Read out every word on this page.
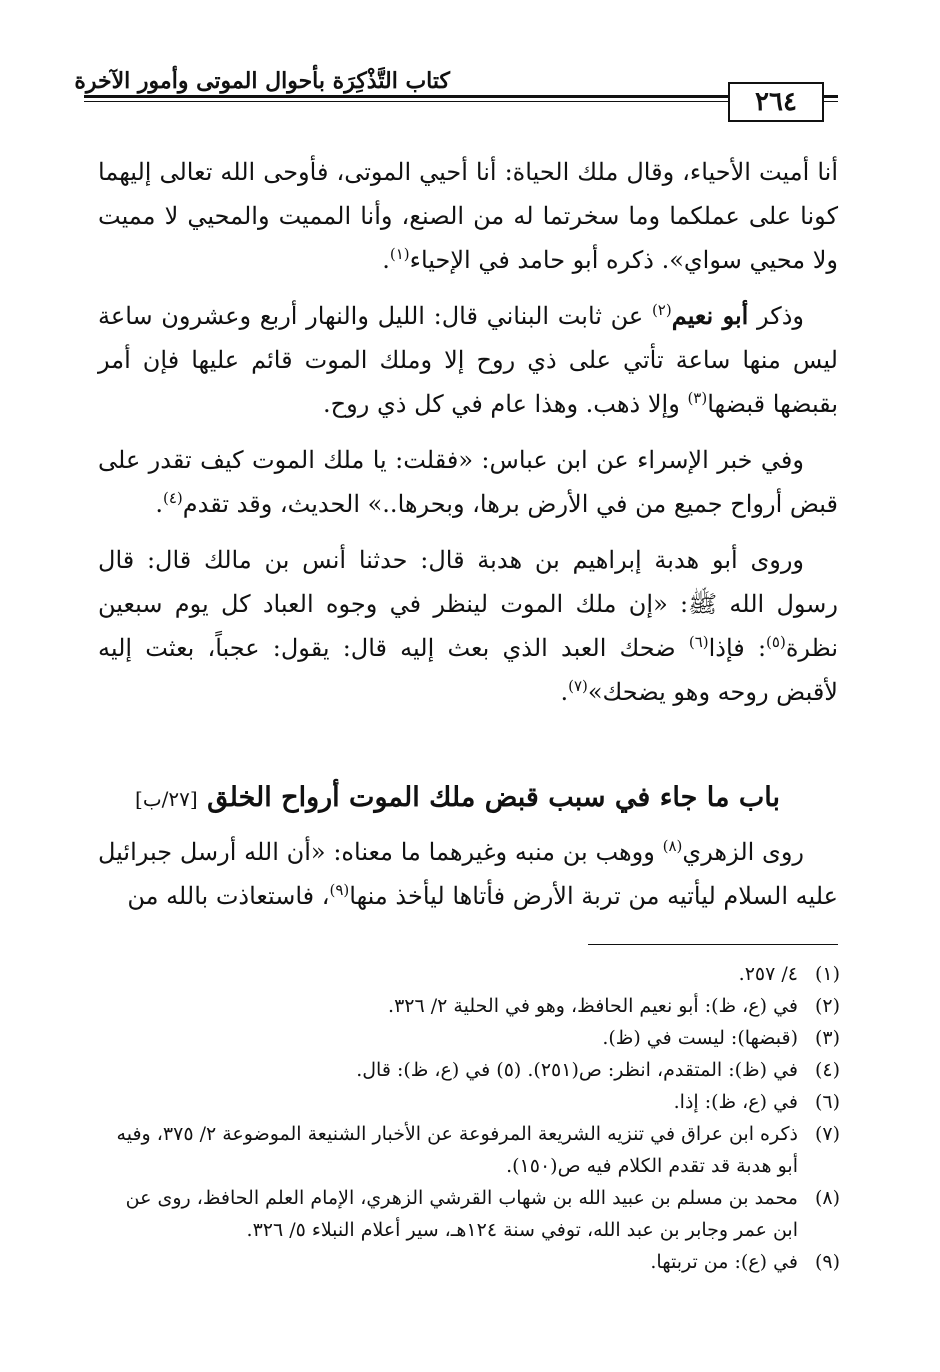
كتاب التَّذْكِرَة بأحوال الموتى وأمور الآخرة
٢٦٤

أنا أميت الأحياء، وقال ملك الحياة: أنا أحيي الموتى، فأوحى الله تعالى إليهما كونا على عملكما وما سخرتما له من الصنع، وأنا المميت والمحيي لا مميت ولا محيي سواي». ذكره أبو حامد في الإحياء$^{(١)}$.

وذكر أبو نعيم$^{(٢)}$ عن ثابت البناني قال: الليل والنهار أربع وعشرون ساعة ليس منها ساعة تأتي على ذي روح إلا وملك الموت قائم عليها فإن أمر بقبضها قبضها$^{(٣)}$ وإلا ذهب. وهذا عام في كل ذي روح.

وفي خبر الإسراء عن ابن عباس: «فقلت: يا ملك الموت كيف تقدر على قبض أرواح جميع من في الأرض برها، وبحرها..» الحديث، وقد تقدم$^{(٤)}$.

وروى أبو هدبة إبراهيم بن هدبة قال: حدثنا أنس بن مالك قال: قال رسول الله ﷺ: «إن ملك الموت لينظر في وجوه العباد كل يوم سبعين نظرة$^{(٥)}$: فإذا$^{(٦)}$ ضحك العبد الذي بعث إليه قال: يقول: عجباً، بعثت إليه لأقبض روحه وهو يضحك»$^{(٧)}$.

باب ما جاء في سبب قبض ملك الموت أرواح الخلق [٢٧/ب]

روى الزهري$^{(٨)}$ ووهب بن منبه وغيرهما ما معناه: «أن الله أرسل جبرائيل عليه السلام ليأتيه من تربة الأرض فأتاها ليأخذ منها$^{(٩)}$، فاستعاذت بالله من

(١)
٤/ ٢٥٧.
(٢)
في (ع، ظ): أبو نعيم الحافظ، وهو في الحلية ٢/ ٣٢٦.
(٣)
(قبضها): ليست في (ظ).
(٤)
في (ظ): المتقدم، انظر: ص(٢٥١). (٥) في (ع، ظ): قال.
(٦)
في (ع، ظ): إذا.
(٧)
ذكره ابن عراق في تنزيه الشريعة المرفوعة عن الأخبار الشنيعة الموضوعة ٢/ ٣٧٥، وفيه أبو هدبة قد تقدم الكلام فيه ص(١٥٠).
(٨)
محمد بن مسلم بن عبيد الله بن شهاب القرشي الزهري، الإمام العلم الحافظ، روى عن ابن عمر وجابر بن عبد الله، توفي سنة ١٢٤هـ، سير أعلام النبلاء ٥/ ٣٢٦.
(٩)
في (ع): من تربتها.
